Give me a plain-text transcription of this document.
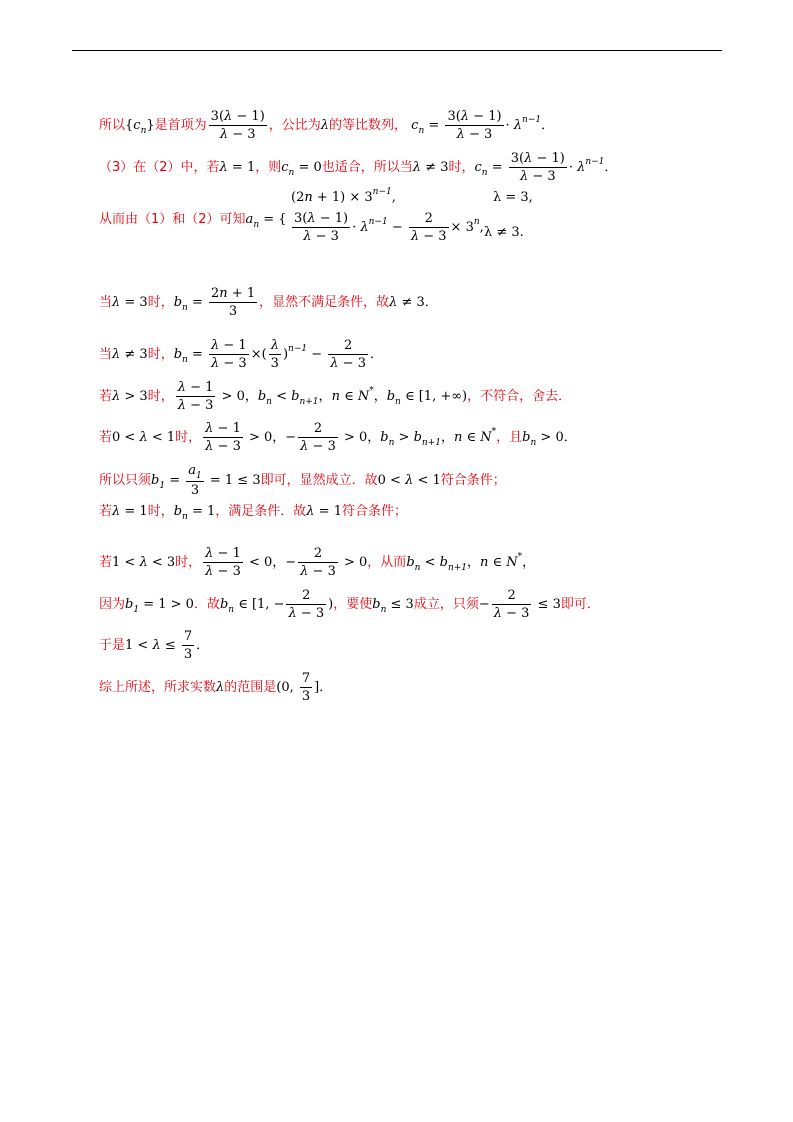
所以$\{c_n\}$是首项为 $\frac{3(\lambda - 1)}{\lambda - 3}$ ，公比为λ的等比数列， $c_n = \frac{3(\lambda - 1)}{\lambda - 3} \cdot \lambda^{n-1}$．
（3）在（2）中，若λ = 1，则$c_n = 0$也适合，所以当λ ≠ 3时，$c_n = \frac{3(\lambda - 1)}{\lambda - 3} \cdot \lambda^{n-1}$．
$(2n + 1) \times 3^{n-1}$,	λ = 3,
从而由（1）和（2）可知$a_n$ = { $\frac{3(\lambda - 1)}{\lambda - 3} \cdot \lambda^{n-1} - \frac{2}{\lambda - 3} \times 3^n$, λ ≠ 3.
当λ = 3时，$b_n = \frac{2n + 1}{3}$ ，显然不满足条件，故λ ≠ 3．
当λ ≠ 3时，$b_n = \frac{\lambda - 1}{\lambda - 3}$ ×( $\frac{\lambda}{3} )^{n-1} - \frac{2}{\lambda - 3}$ ．
若λ > 3时， $\frac{\lambda - 1}{\lambda - 3} > 0$，$b_n < b_{n+1}$，n ∈ N*，$b_n$ ∈ [1, +∞)，不符合，舍去．
若0 < λ < 1时， $\frac{\lambda - 1}{\lambda - 3} > 0$，− $\frac{2}{\lambda - 3} > 0$，$b_n > b_{n+1}$，n ∈ N*，且$b_n > 0$．
所以只须$b_1 = \frac{a_1}{3} = 1 \le 3$即可，显然成立．故0 < λ < 1符合条件；
若λ = 1时，$b_n = 1$，满足条件．故λ = 1符合条件；
若1 < λ < 3时， $\frac{\lambda - 1}{\lambda - 3} < 0$，− $\frac{2}{\lambda - 3} > 0$，从而$b_n < b_{n+1}$，n ∈ N*，
因为$b_1 = 1 > 0$．故$b_n$ ∈ [1, − $\frac{2}{\lambda - 3}$ )，要使$b_n \le 3$成立，只须− $\frac{2}{\lambda - 3} \le 3$即可．
于是$1 < \lambda \le \frac{7}{3}$ ．
综上所述，所求实数λ的范围是(0, $\frac{7}{3}$ ]．
